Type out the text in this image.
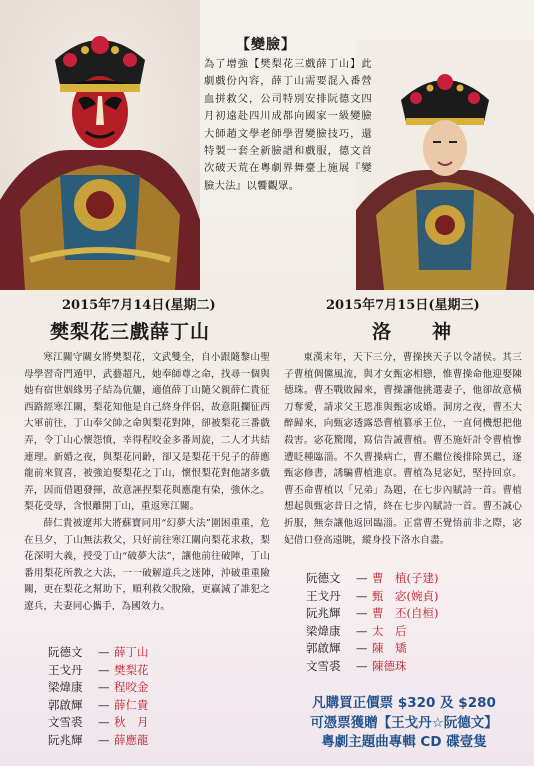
【變臉】
為了增強【樊梨花三戲薛丁山】此劇戲份內容，薛丁山需要混入番營血拼救父，公司特別安排阮德文四月初遠赴四川成都向國家一級變臉大師趙文學老師學習變臉技巧，還特製一套全新臉譜和戲服，德文首次破天荒在粵劇界舞臺上施展『變臉大法』以饗觀眾。
2015年7月14日(星期二)
樊梨花三戲薛丁山

寒江關守關女將樊梨花，文武雙全，自小跟隨黎山聖母學習奇門遁甲，武藝超凡，她奉師尊之命，找尋一個與她有宿世姻緣男子結為伉儷，適值薛丁山隨父親薛仁貴征西路經寒江關，梨花知他是自己終身伴侶，故意阻攔征西大軍前往，丁山奉父帥之命與梨花對陣，卻被梨花三番戲弄，令丁山心懷怨憤，幸得程咬金多番周旋，二人才共結連理。新婚之夜，與梨花同齡，卻又是梨花干兒子的薛應龍前來賀喜，被強迫娶梨花之丁山，懷恨梨花對他諸多戲弄，因而借題發揮，故意誣捏梨花與應龍有染，強休之。梨花受辱，含恨離開丁山，重返寒江關。

薛仁貴被遼邦大將蘇寶同用“幻夢大法”圍困重重，危在旦夕，丁山無法救父，只好前往寒江關向梨花求救，梨花深明大義，授受丁山“破夢大法”，讓他前往破陣，丁山番用梨花所教之大法，一一破解道兵之迷陣，沖破重重險關，更在梨花之幫助下，順利救父脫險，更贏減了誰犯之遼兵，夫妻同心攜手，為國效力。

阮德文	— 薛丁山
王戈丹	— 樊梨花
梁煒康	— 程咬金
郭啟輝	— 薛仁貴
文雪裘	— 秋　月
阮兆輝	— 薛應龍
2015年7月15日(星期三)
洛　　神

東漢末年，天下三分，曹操挾天子以令諸侯。其三子曹植倜儻風流，與才女甄宓相戀，惟曹操命他迎娶陳德珠。曹丕戰敗歸來，曹操讓他挑選妻子，他卻故意橫刀奪愛，請求父王恩准與甄宓成婚。洞房之夜，曹丕大醉歸來，向甄宓透露恐曹植篡承王位，一直伺機想把他殺害。宓花驚聞，寫信告誡曹植。曹丕施奸計令曹植慘遭眨種臨淄。不久曹操病亡，曹丕繼位後排除異己，逐甄宓修書，誘騙曹植進京。曹植為見宓妃，堅持回京。曹丕命曹植以「兄弟」為題，在七步內賦詩一首。曹植想起與甄宓昔日之情，終在七步內賦詩一首。曹丕誠心折服，無奈讓他返回臨淄。正當曹丕覺悟前非之際，宓妃借口登高遠眺，縱身投下洛水自盡。

阮德文	— 曹　植(子建)
王戈丹	— 甄　宓(婉貞)
阮兆輝	— 曹　丕(自桓)
梁煒康	— 太　后
郭啟輝	— 陳　矯
文雪裘	— 陳德珠
凡購買正價票 $320 及 $280
可憑票獲贈【王戈丹☆阮德文】
粵劇主題曲專輯 CD 碟壹隻
